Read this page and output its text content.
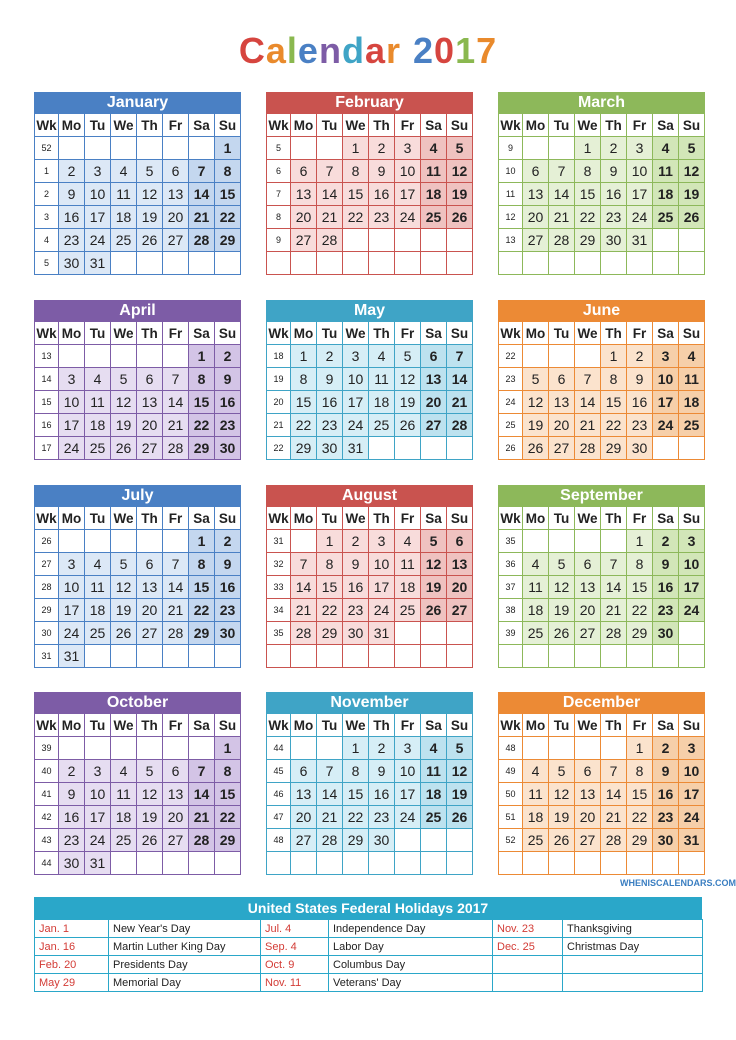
Calendar 2017
January
Wk	Mo	Tu	We	Th	Fr	Sa	Su
52							1
1	2	3	4	5	6	7	8
2	9	10	11	12	13	14	15
3	16	17	18	19	20	21	22
4	23	24	25	26	27	28	29
5	30	31					
February
Wk	Mo	Tu	We	Th	Fr	Sa	Su
5			1	2	3	4	5
6	6	7	8	9	10	11	12
7	13	14	15	16	17	18	19
8	20	21	22	23	24	25	26
9	27	28					

March
Wk	Mo	Tu	We	Th	Fr	Sa	Su
9			1	2	3	4	5
10	6	7	8	9	10	11	12
11	13	14	15	16	17	18	19
12	20	21	22	23	24	25	26
13	27	28	29	30	31		

April
Wk	Mo	Tu	We	Th	Fr	Sa	Su
13						1	2
14	3	4	5	6	7	8	9
15	10	11	12	13	14	15	16
16	17	18	19	20	21	22	23
17	24	25	26	27	28	29	30
May
Wk	Mo	Tu	We	Th	Fr	Sa	Su
18	1	2	3	4	5	6	7
19	8	9	10	11	12	13	14
20	15	16	17	18	19	20	21
21	22	23	24	25	26	27	28
22	29	30	31				
June
Wk	Mo	Tu	We	Th	Fr	Sa	Su
22				1	2	3	4
23	5	6	7	8	9	10	11
24	12	13	14	15	16	17	18
25	19	20	21	22	23	24	25
26	26	27	28	29	30		
July
Wk	Mo	Tu	We	Th	Fr	Sa	Su
26						1	2
27	3	4	5	6	7	8	9
28	10	11	12	13	14	15	16
29	17	18	19	20	21	22	23
30	24	25	26	27	28	29	30
31	31						
August
Wk	Mo	Tu	We	Th	Fr	Sa	Su
31		1	2	3	4	5	6
32	7	8	9	10	11	12	13
33	14	15	16	17	18	19	20
34	21	22	23	24	25	26	27
35	28	29	30	31			

September
Wk	Mo	Tu	We	Th	Fr	Sa	Su
35					1	2	3
36	4	5	6	7	8	9	10
37	11	12	13	14	15	16	17
38	18	19	20	21	22	23	24
39	25	26	27	28	29	30	

October
Wk	Mo	Tu	We	Th	Fr	Sa	Su
39							1
40	2	3	4	5	6	7	8
41	9	10	11	12	13	14	15
42	16	17	18	19	20	21	22
43	23	24	25	26	27	28	29
44	30	31					
November
Wk	Mo	Tu	We	Th	Fr	Sa	Su
44			1	2	3	4	5
45	6	7	8	9	10	11	12
46	13	14	15	16	17	18	19
47	20	21	22	23	24	25	26
48	27	28	29	30			

December
Wk	Mo	Tu	We	Th	Fr	Sa	Su
48					1	2	3
49	4	5	6	7	8	9	10
50	11	12	13	14	15	16	17
51	18	19	20	21	22	23	24
52	25	26	27	28	29	30	31

WHENISCALENDARS.COM
United States Federal Holidays 2017
Jan. 1	New Year's Day	Jul. 4	Independence Day	Nov. 23	Thanksgiving
Jan. 16	Martin Luther King Day	Sep. 4	Labor Day	Dec. 25	Christmas Day
Feb. 20	Presidents Day	Oct. 9	Columbus Day		
May 29	Memorial Day	Nov. 11	Veterans' Day		
